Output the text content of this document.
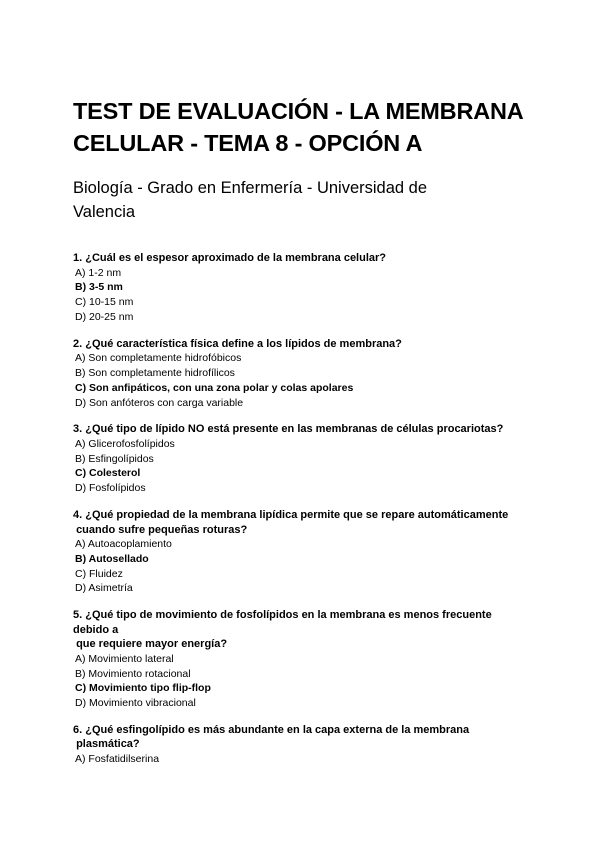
TEST DE EVALUACIÓN - LA MEMBRANA
CELULAR - TEMA 8 - OPCIÓN A

Biología - Grado en Enfermería - Universidad de
Valencia

1. ¿Cuál es el espesor aproximado de la membrana celular?

A) 1-2 nm
B) 3-5 nm
C) 10-15 nm
D) 20-25 nm

2. ¿Qué característica física define a los lípidos de membrana?

A) Son completamente hidrofóbicos
B) Son completamente hidrofílicos
C) Son anfipáticos, con una zona polar y colas apolares
D) Son anfóteros con carga variable

3. ¿Qué tipo de lípido NO está presente en las membranas de células procariotas?

A) Glicerofosfolípidos
B) Esfingolípidos
C) Colesterol
D) Fosfolípidos

4. ¿Qué propiedad de la membrana lipídica permite que se repare automáticamente
cuando sufre pequeñas roturas?

A) Autoacoplamiento
B) Autosellado
C) Fluidez
D) Asimetría

5. ¿Qué tipo de movimiento de fosfolípidos en la membrana es menos frecuente
debido a
que requiere mayor energía?

A) Movimiento lateral
B) Movimiento rotacional
C) Movimiento tipo flip-flop
D) Movimiento vibracional

6. ¿Qué esfingolípido es más abundante en la capa externa de la membrana
plasmática?

A) Fosfatidilserina
